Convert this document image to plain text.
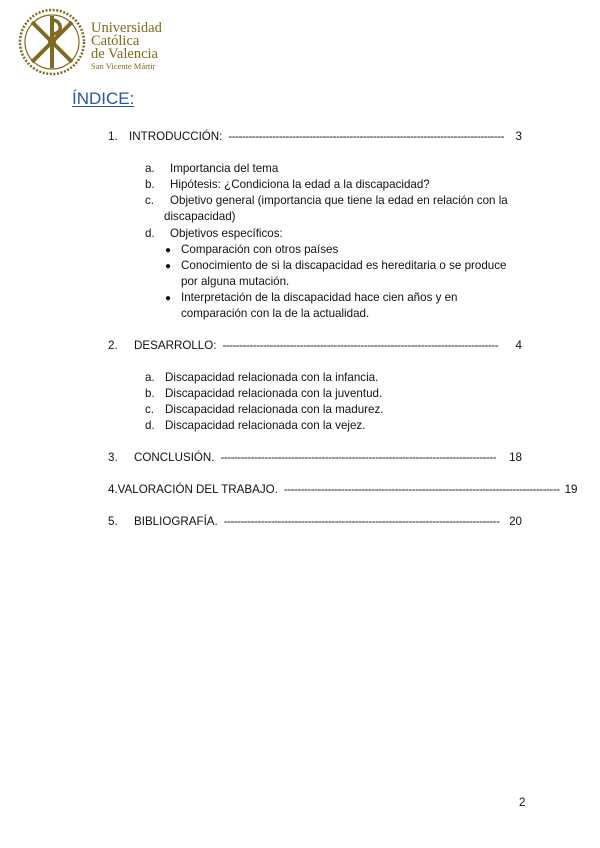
Universidad
Católica
de Valencia
San Vicente Mártir
ÍNDICE:
1. INTRODUCCIÓN: ---------------------------------------------------------------------------------- 3
a. Importancia del tema
b. Hipótesis: ¿Condiciona la edad a la discapacidad?
c. Objetivo general (importancia que tiene la edad en relación con la
discapacidad)
d. Objetivos específicos:
● Comparación con otros países
● Conocimiento de si la discapacidad es hereditaria o se produce
por alguna mutación.
● Interpretación de la discapacidad hace cien años y en
comparación con la de la actualidad.
2.	DESARROLLO: ----------------------------------------------------------------------------------	4
a. Discapacidad relacionada con la infancia.
b. Discapacidad relacionada con la juventud.
c. Discapacidad relacionada con la madurez.
d. Discapacidad relacionada con la vejez.
3.	CONCLUSIÓN. ----------------------------------------------------------------------------------	18
4. VALORACIÓN DEL TRABAJO. ---------------------------------------------------------------------------------- 19
5.	BIBLIOGRAFÍA. ---------------------------------------------------------------------------------- 20
2
